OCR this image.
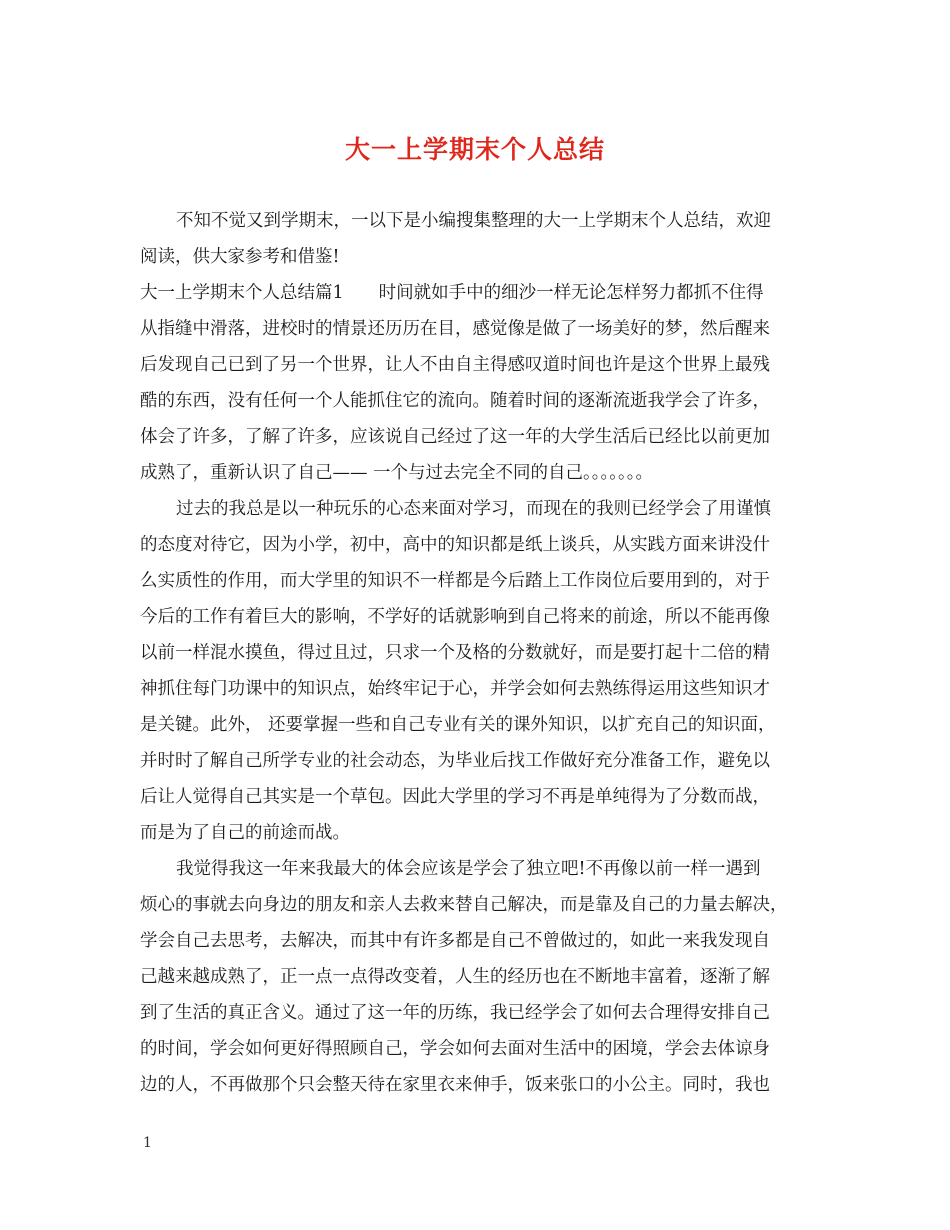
大一上学期末个人总结
不知不觉又到学期末，一以下是小编搜集整理的大一上学期末个人总结，欢迎
阅读，供大家参考和借鉴!
大一上学期末个人总结篇1　　时间就如手中的细沙一样无论怎样努力都抓不住得
从指缝中滑落，进校时的情景还历历在目，感觉像是做了一场美好的梦，然后醒来
后发现自己已到了另一个世界，让人不由自主得感叹道时间也许是这个世界上最残
酷的东西，没有任何一个人能抓住它的流向。随着时间的逐渐流逝我学会了许多，
体会了许多，了解了许多，应该说自己经过了这一年的大学生活后已经比以前更加
成熟了，重新认识了自己—— 一个与过去完全不同的自己。。。。。。。
过去的我总是以一种玩乐的心态来面对学习，而现在的我则已经学会了用谨慎
的态度对待它，因为小学，初中，高中的知识都是纸上谈兵，从实践方面来讲没什
么实质性的作用，而大学里的知识不一样都是今后踏上工作岗位后要用到的，对于
今后的工作有着巨大的影响，不学好的话就影响到自己将来的前途，所以不能再像
以前一样混水摸鱼，得过且过，只求一个及格的分数就好，而是要打起十二倍的精
神抓住每门功课中的知识点，始终牢记于心，并学会如何去熟练得运用这些知识才
是关键。此外， 还要掌握一些和自己专业有关的课外知识，以扩充自己的知识面，
并时时了解自己所学专业的社会动态，为毕业后找工作做好充分准备工作，避免以
后让人觉得自己其实是一个草包。因此大学里的学习不再是单纯得为了分数而战，
而是为了自己的前途而战。
我觉得我这一年来我最大的体会应该是学会了独立吧!不再像以前一样一遇到
烦心的事就去向身边的朋友和亲人去救来替自己解决，而是靠及自己的力量去解决，
学会自己去思考，去解决，而其中有许多都是自己不曾做过的，如此一来我发现自
己越来越成熟了，正一点一点得改变着，人生的经历也在不断地丰富着，逐渐了解
到了生活的真正含义。通过了这一年的历练，我已经学会了如何去合理得安排自己
的时间，学会如何更好得照顾自己，学会如何去面对生活中的困境，学会去体谅身
边的人，不再做那个只会整天待在家里衣来伸手，饭来张口的小公主。同时，我也
1
